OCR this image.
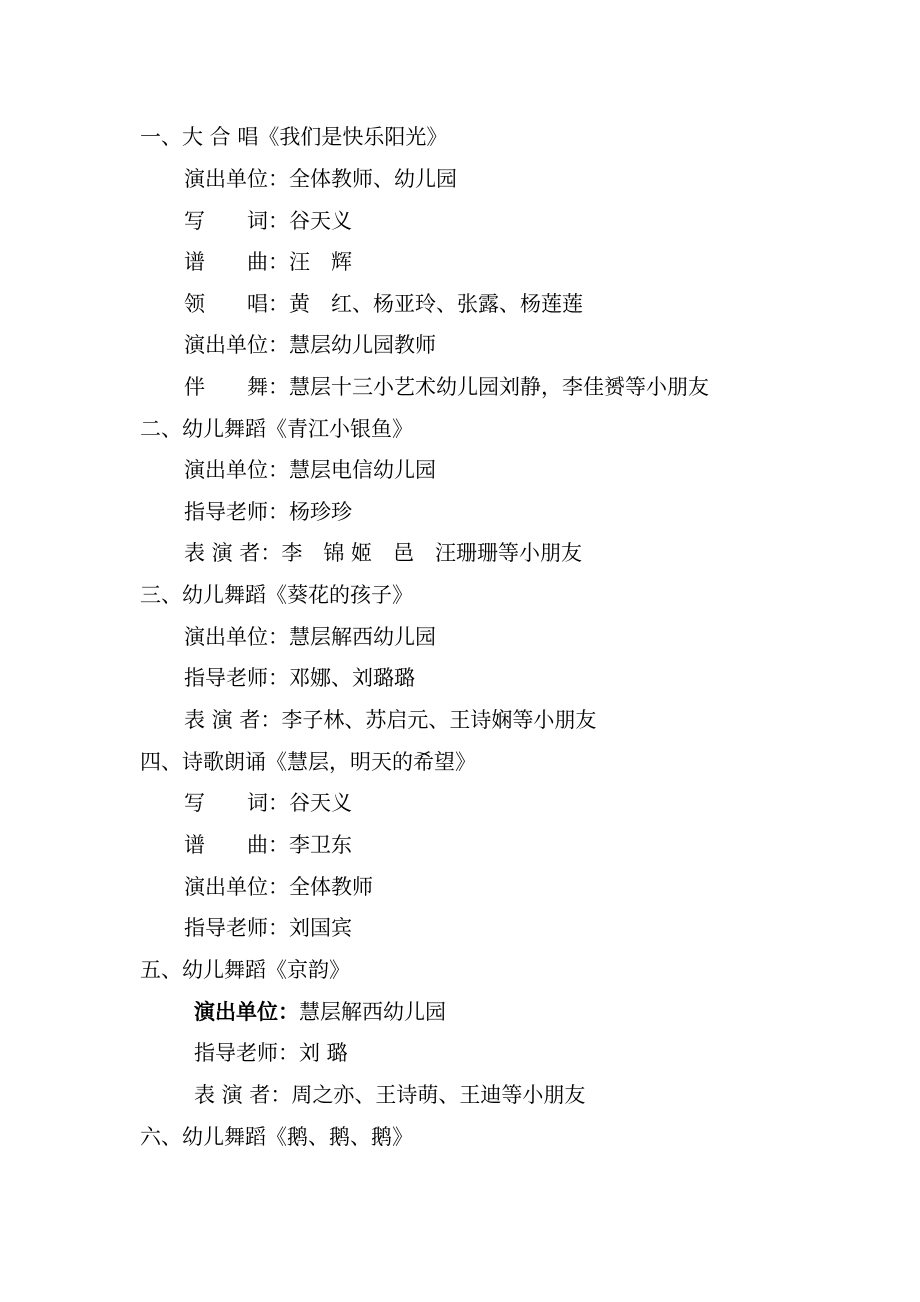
一、大 合 唱《我们是快乐阳光》
演出单位：全体教师、幼儿园
写　　词：谷天义
谱　　曲：汪　辉
领　　唱：黄　红、杨亚玲、张露、杨莲莲
演出单位：慧层幼儿园教师
伴　　舞：慧层十三小艺术幼儿园刘静，李佳赟等小朋友
二、幼儿舞蹈《青江小银鱼》
演出单位：慧层电信幼儿园
指导老师：杨珍珍
表 演 者：李　锦 姬　邑　汪珊珊等小朋友
三、幼儿舞蹈《葵花的孩子》
演出单位：慧层解西幼儿园
指导老师：邓娜、刘璐璐
表 演 者：李子林、苏启元、王诗娴等小朋友
四、诗歌朗诵《慧层，明天的希望》
写　　词：谷天义
谱　　曲：李卫东
演出单位：全体教师
指导老师：刘国宾
五、幼儿舞蹈《京韵》
演出单位：慧层解西幼儿园
指导老师：刘 璐
表 演 者：周之亦、王诗萌、王迪等小朋友
六、幼儿舞蹈《鹅、鹅、鹅》
